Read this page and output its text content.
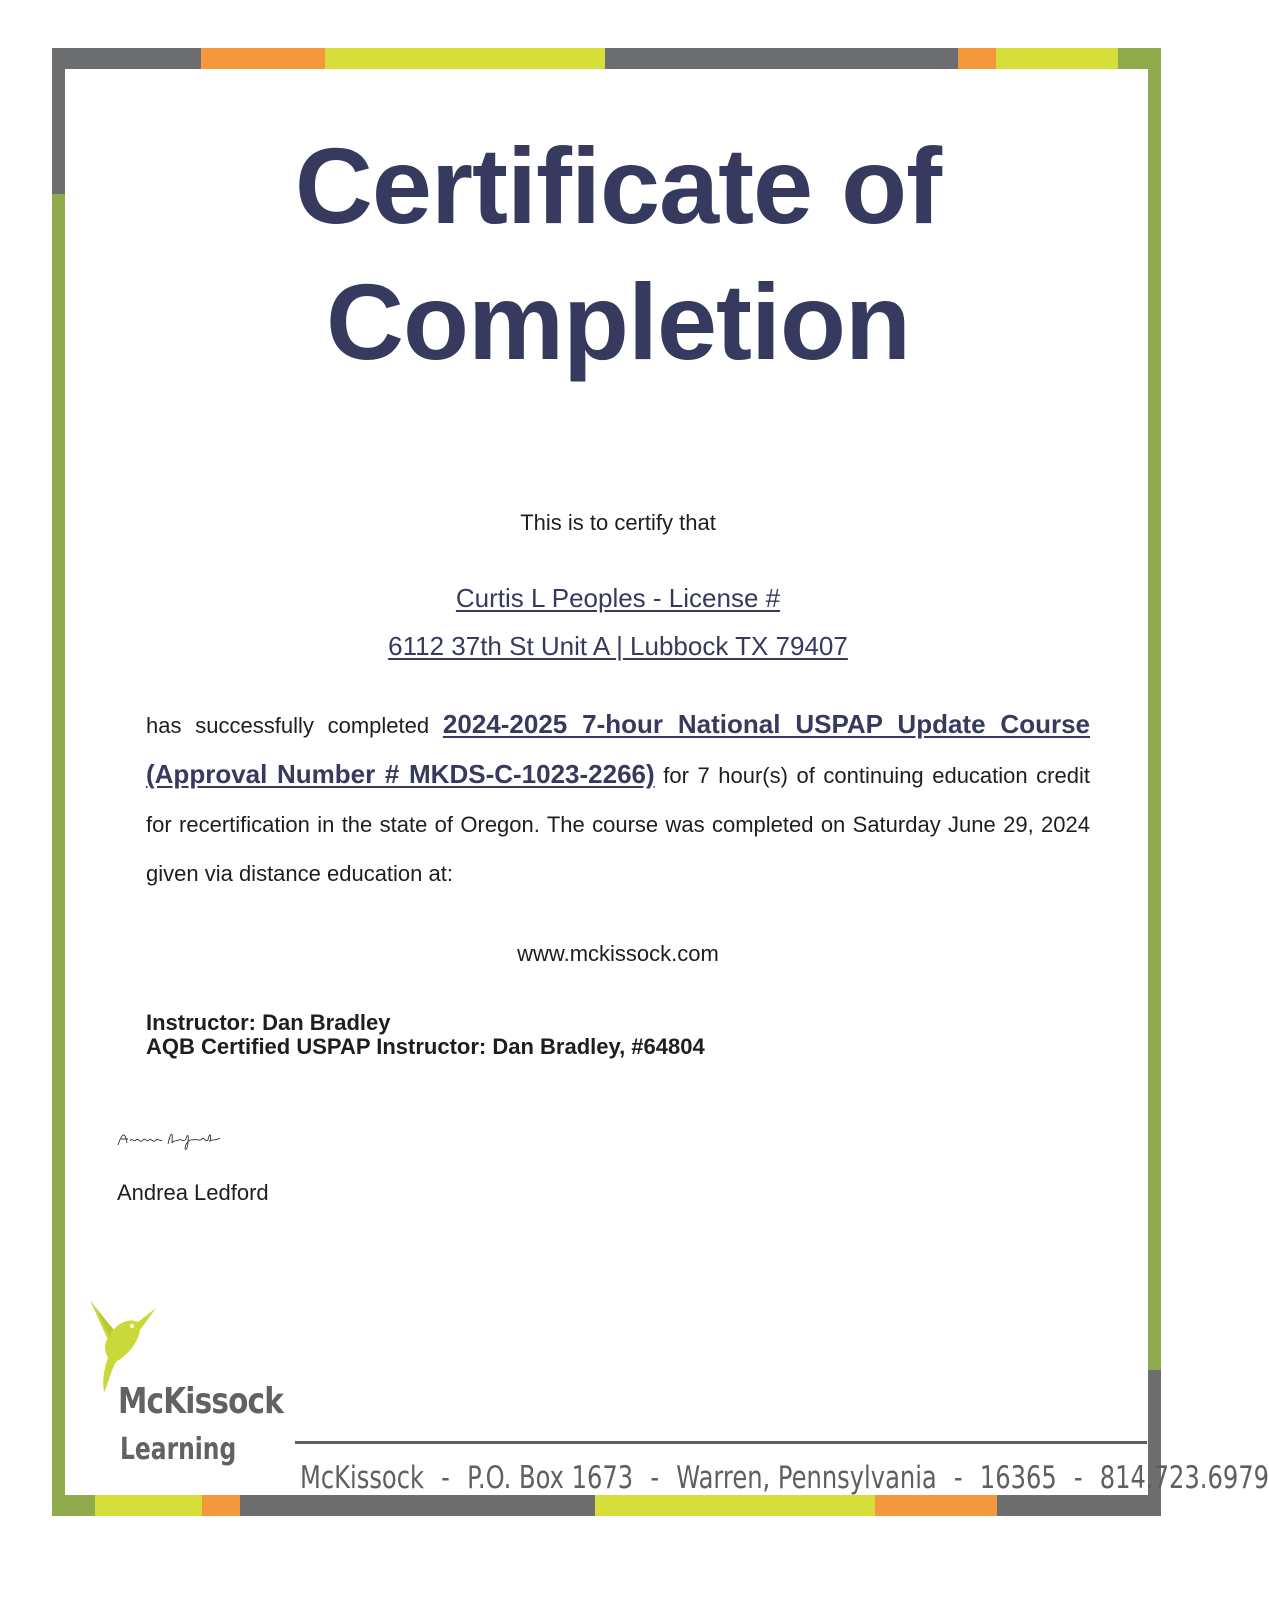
Certificate of
Completion
This is to certify that
Curtis L Peoples - License #
6112 37th St Unit A | Lubbock TX 79407
has successfully completed 2024-2025 7-hour National USPAP Update Course (Approval Number # MKDS-C-1023-2266) for 7 hour(s) of continuing education credit for recertification in the state of Oregon. The course was completed on Saturday June 29, 2024 given via distance education at:
www.mckissock.com
Instructor: Dan Bradley
AQB Certified USPAP Instructor: Dan Bradley, #64804
Andrea Ledford
McKissock
Learning
McKissock - P.O. Box 1673 - Warren, Pennsylvania - 16365 - 814.723.6979
